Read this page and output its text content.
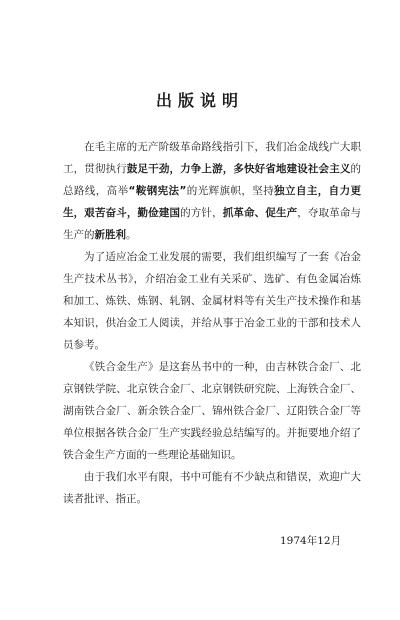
出版说明

在毛主席的无产阶级革命路线指引下，我们冶金战线广大职工，贯彻执行鼓足干劲，力争上游，多快好省地建设社会主义的总路线，高举“鞍钢宪法”的光辉旗帜，坚持独立自主，自力更生，艰苦奋斗，勤俭建国的方针，抓革命、促生产，夺取革命与生产的新胜利。

为了适应冶金工业发展的需要，我们组织编写了一套《冶金生产技术丛书》，介绍冶金工业有关采矿、选矿、有色金属冶炼和加工、炼铁、炼钢、轧钢、金属材料等有关生产技术操作和基本知识，供冶金工人阅读，并给从事于冶金工业的干部和技术人员参考。

《铁合金生产》是这套丛书中的一种，由吉林铁合金厂、北京钢铁学院、北京铁合金厂、北京钢铁研究院、上海铁合金厂、湖南铁合金厂、新余铁合金厂、锦州铁合金厂、辽阳铁合金厂等单位根据各铁合金厂生产实践经验总结编写的。并扼要地介绍了铁合金生产方面的一些理论基础知识。

由于我们水平有限，书中可能有不少缺点和错误，欢迎广大读者批评、指正。

1974年12月
